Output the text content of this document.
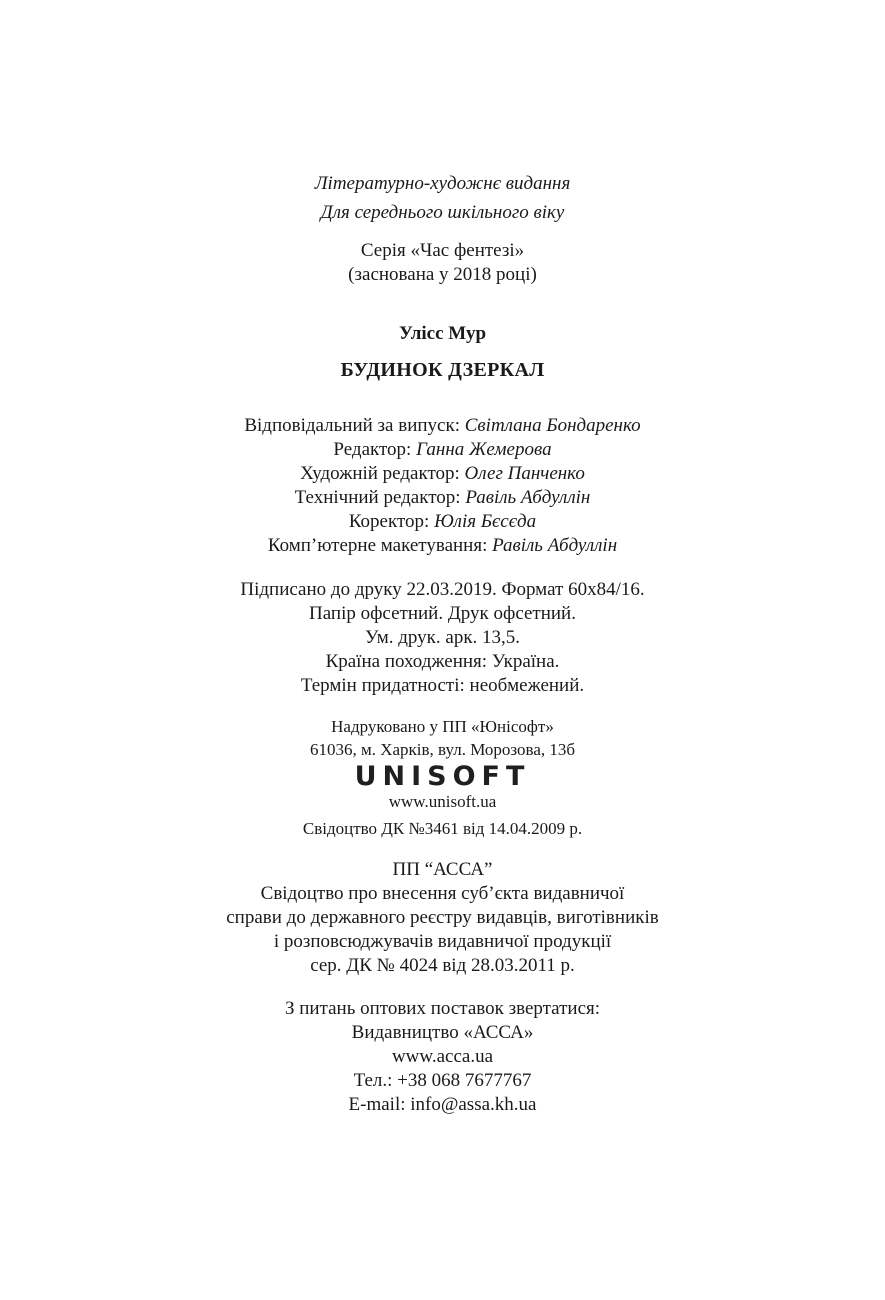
Літературно-художнє видання
Для середнього шкільного віку
Серія «Час фентезі»
(заснована у 2018 році)
Улісс Мур
БУДИНОК ДЗЕРКАЛ
Відповідальний за випуск: Світлана Бондаренко
Редактор: Ганна Жемерова
Художній редактор: Олег Панченко
Технічний редактор: Равіль Абдуллін
Коректор: Юлія Бєсєда
Комп’ютерне макетування: Равіль Абдуллін
Підписано до друку 22.03.2019. Формат 60х84/16.
Папір офсетний. Друк офсетний.
Ум. друк. арк. 13,5.
Країна походження: Україна.
Термін придатності: необмежений.
Надруковано у ПП «Юнісофт»
61036, м. Харків, вул. Морозова, 13б
UNISOFT
www.unisoft.ua
Свідоцтво ДК №3461 від 14.04.2009 р.
ПП “АССА”
Свідоцтво про внесення суб’єкта видавничої
справи до державного реєстру видавців, виготівників
і розповсюджувачів видавничої продукції
сер. ДК № 4024 від 28.03.2011 р.
З питань оптових поставок звертатися:
Видавництво «АССА»
www.acca.ua
Тел.: +38 068 7677767
E-mail: info@assa.kh.ua
